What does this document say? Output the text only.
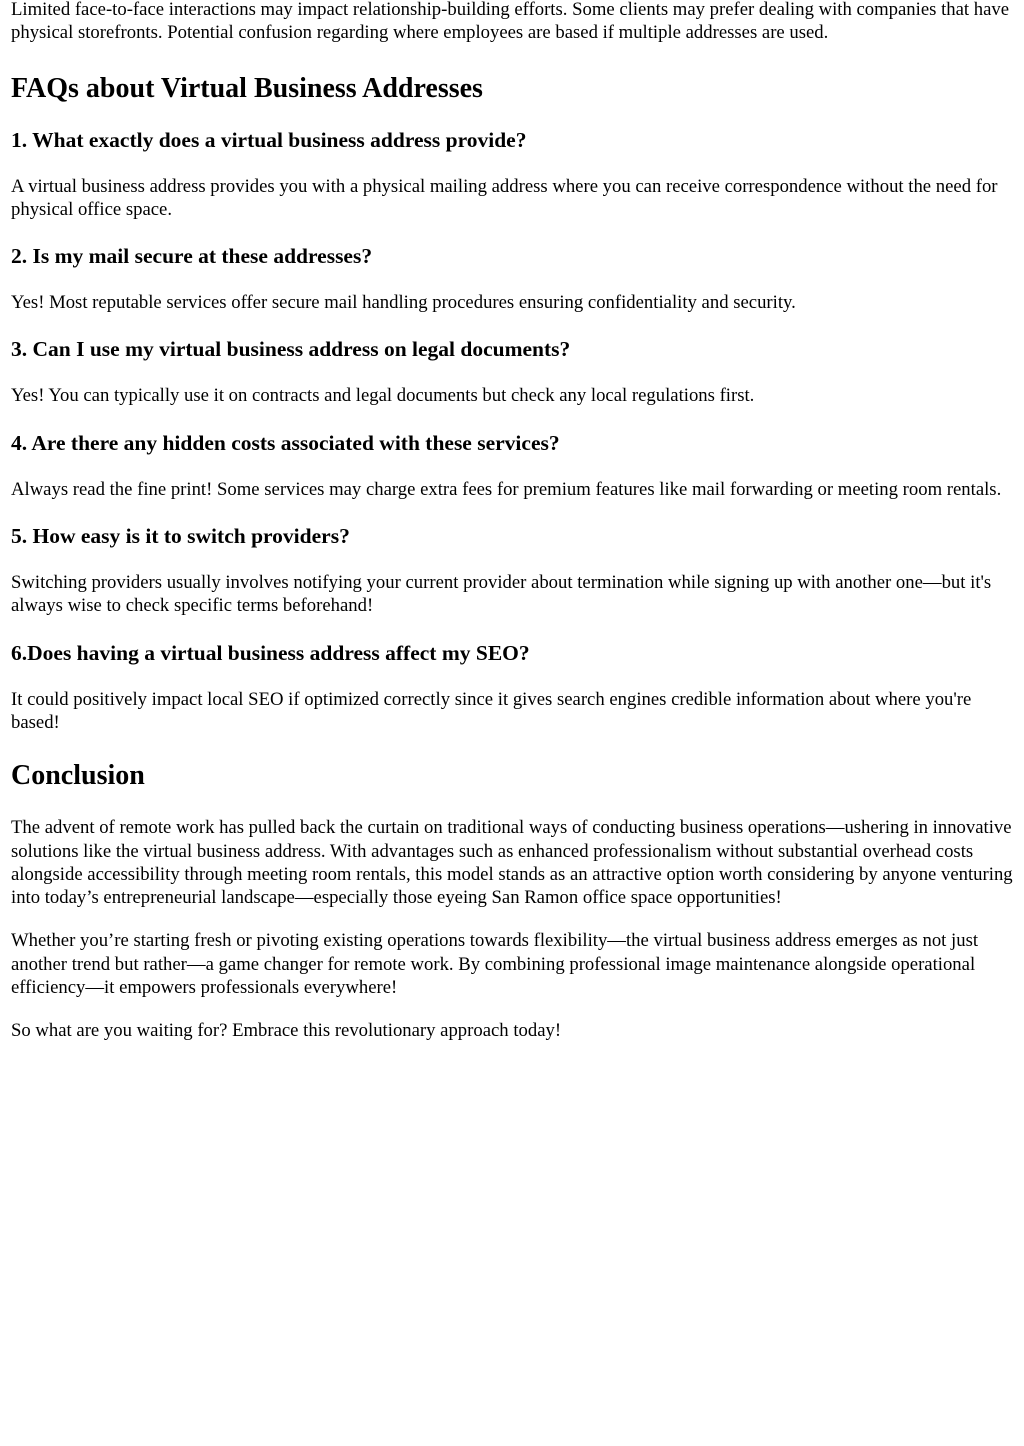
Limited face-to-face interactions may impact relationship-building efforts. Some clients may prefer dealing with companies that have physical storefronts. Potential confusion regarding where employees are based if multiple addresses are used.

FAQs about Virtual Business Addresses
1. What exactly does a virtual business address provide?

A virtual business address provides you with a physical mailing address where you can receive correspondence without the need for physical office space.

2. Is my mail secure at these addresses?

Yes! Most reputable services offer secure mail handling procedures ensuring confidentiality and security.

3. Can I use my virtual business address on legal documents?

Yes! You can typically use it on contracts and legal documents but check any local regulations first.

4. Are there any hidden costs associated with these services?

Always read the fine print! Some services may charge extra fees for premium features like mail forwarding or meeting room rentals.

5. How easy is it to switch providers?

Switching providers usually involves notifying your current provider about termination while signing up with another one—but it's always wise to check specific terms beforehand!

6.Does having a virtual business address affect my SEO?

It could positively impact local SEO if optimized correctly since it gives search engines credible information about where you're based!

Conclusion

The advent of remote work has pulled back the curtain on traditional ways of conducting business operations—ushering in innovative solutions like the virtual business address. With advantages such as enhanced professionalism without substantial overhead costs alongside accessibility through meeting room rentals, this model stands as an attractive option worth considering by anyone venturing into today’s entrepreneurial landscape—especially those eyeing San Ramon office space opportunities!

Whether you’re starting fresh or pivoting existing operations towards flexibility—the virtual business address emerges as not just another trend but rather—a game changer for remote work. By combining professional image maintenance alongside operational efficiency—it empowers professionals everywhere!

So what are you waiting for? Embrace this revolutionary approach today!
